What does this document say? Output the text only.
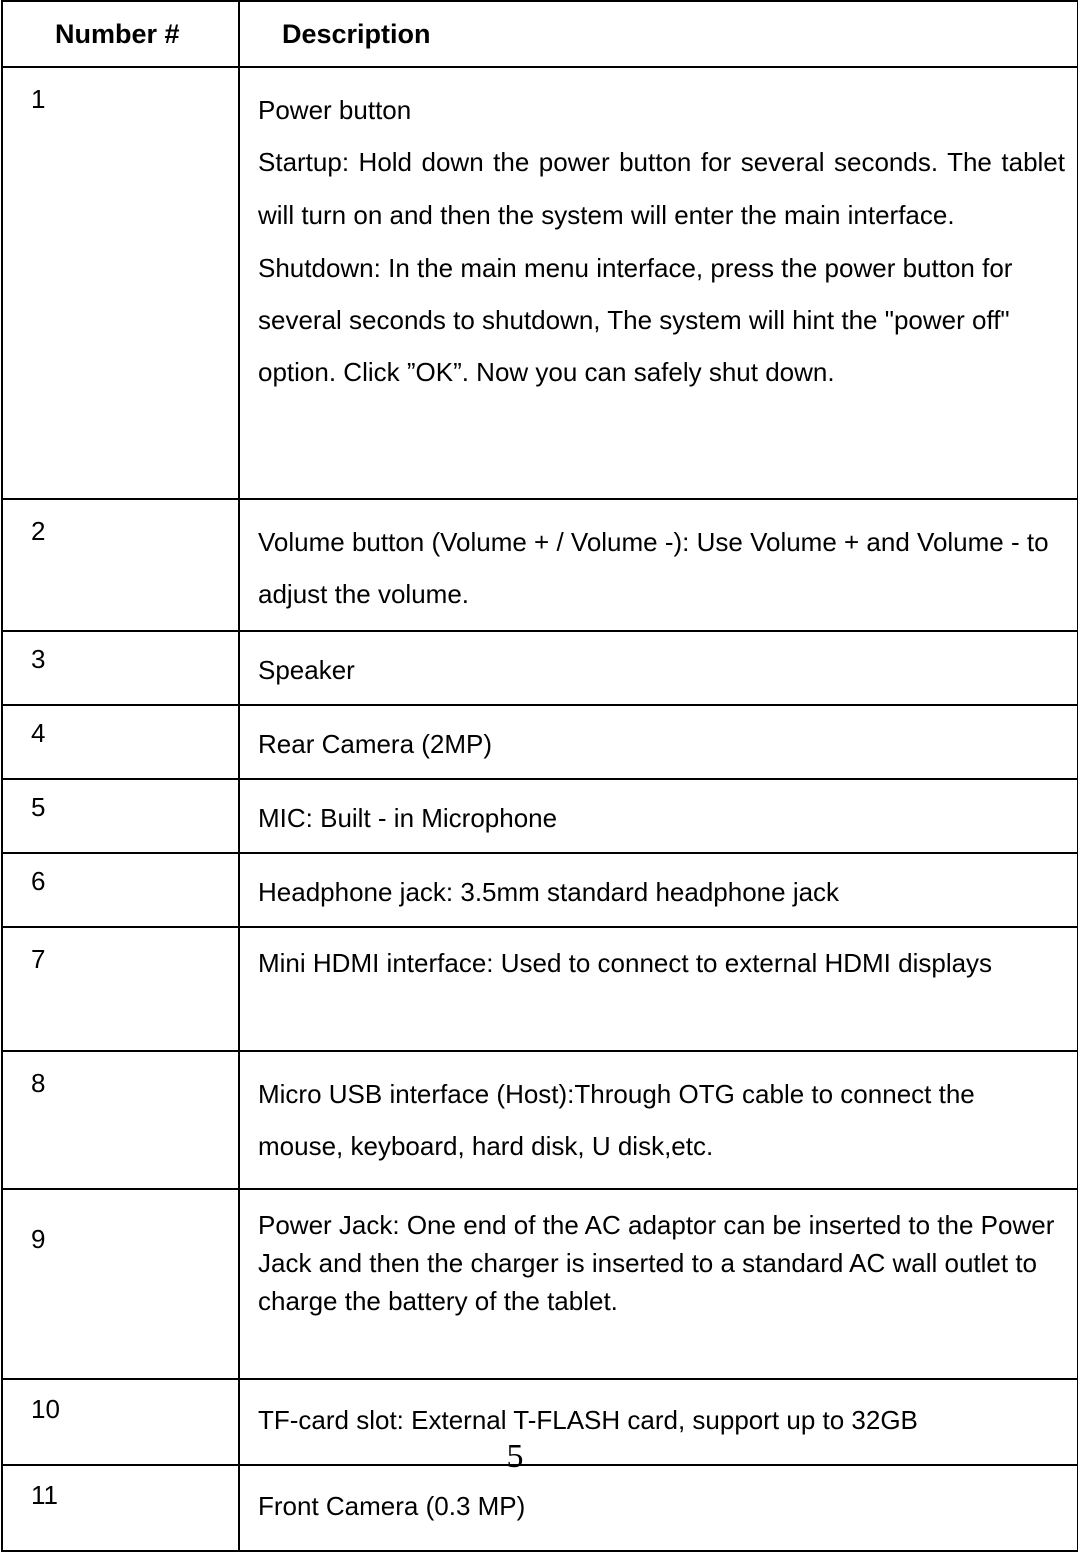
Number #	Description
1	Power button

Startup: Hold down the power button for several seconds. The tablet will turn on and then the system will enter the main interface.

Shutdown: In the main menu interface, press the power button for several seconds to shutdown, The system will hint the "power off" option. Click ”OK”. Now you can safely shut down.

2	Volume button (Volume + / Volume -): Use Volume + and Volume - to adjust the volume.
3	Speaker
4	Rear Camera (2MP)
5	MIC: Built - in Microphone
6	Headphone jack: 3.5mm standard headphone jack
7	Mini HDMI interface: Used to connect to external HDMI displays
8	Micro USB interface (Host):Through OTG cable to connect the mouse, keyboard, hard disk, U disk,etc.
9	Power Jack: One end of the AC adaptor can be inserted to the Power Jack and then the charger is inserted to a standard AC wall outlet to charge the battery of the tablet.
10	TF-card slot: External T-FLASH card, support up to 32GB
11	Front Camera (0.3 MP)
5
